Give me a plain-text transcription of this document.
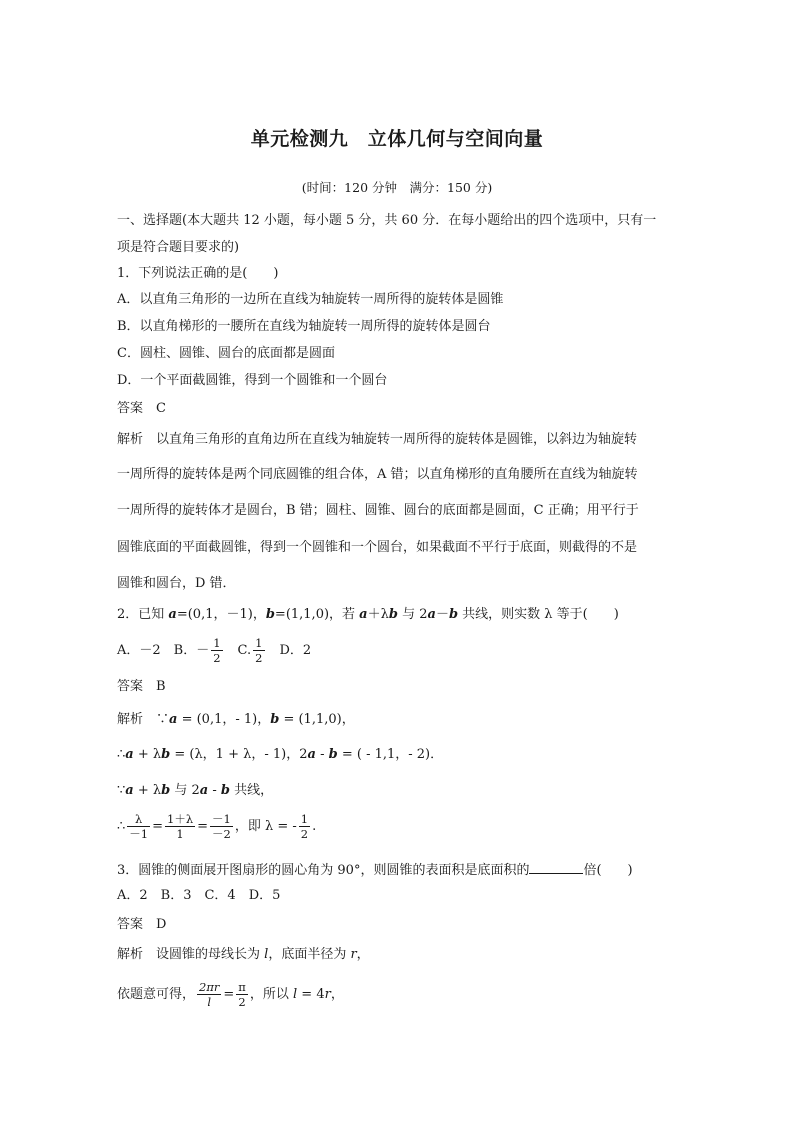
单元检测九　立体几何与空间向量
(时间：120 分钟　满分：150 分)
一、选择题(本大题共 12 小题，每小题 5 分，共 60 分．在每小题给出的四个选项中，只有一
项是符合题目要求的)
1．下列说法正确的是(　　)
A．以直角三角形的一边所在直线为轴旋转一周所得的旋转体是圆锥
B．以直角梯形的一腰所在直线为轴旋转一周所得的旋转体是圆台
C．圆柱、圆锥、圆台的底面都是圆面
D．一个平面截圆锥，得到一个圆锥和一个圆台
答案　C
解析　以直角三角形的直角边所在直线为轴旋转一周所得的旋转体是圆锥，以斜边为轴旋转
一周所得的旋转体是两个同底圆锥的组合体，A 错；以直角梯形的直角腰所在直线为轴旋转
一周所得的旋转体才是圆台，B 错；圆柱、圆锥、圆台的底面都是圆面，C 正确；用平行于
圆锥底面的平面截圆锥，得到一个圆锥和一个圆台，如果截面不平行于底面，则截得的不是
圆锥和圆台，D 错．
2．已知 a=(0,1，－1)，b=(1,1,0)，若 a＋λb 与 2a－b 共线，则实数 λ 等于(　　)
A．－2　B．－ $\frac{1}{2}$ 　C. $\frac{1}{2}$ 　D．2
答案　B
解析　∵a = (0,1，- 1)，b = (1,1,0)，
∴a + λb = (λ，1 + λ，- 1)，2a - b = ( - 1,1，- 2)．
∵a + λb 与 2a - b 共线，
∴ $\frac{\lambda}{-1} = \frac{1+\lambda}{1} = \frac{-1}{-2}$ ，即 λ = - $\frac{1}{2}$ .
3．圆锥的侧面展开图扇形的圆心角为 90°，则圆锥的表面积是底面积的	倍(　　)
A．2　B．3　C．4　D．5
答案　D
解析　设圆锥的母线长为 l，底面半径为 r，
依题意可得， $\frac{2\pi r}{l} = \frac{\pi}{2}$ ，所以 l = 4r，
